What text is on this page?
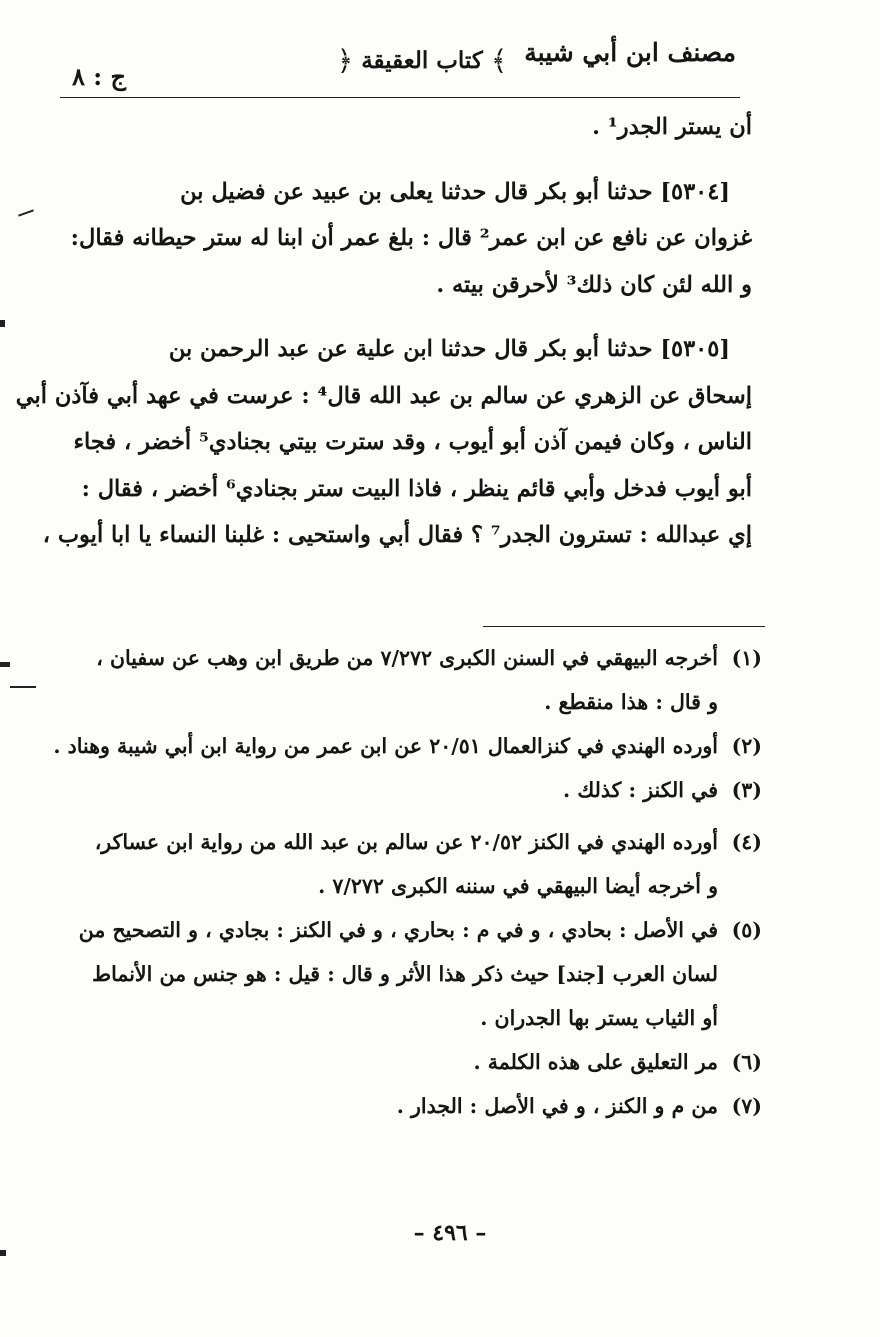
مصنف ابن أبي شيبة
﴾ كتاب العقيقة ﴿
ج : ٨
أن يستر الجدر¹ .
[٥٣٠٤] حدثنا أبو بكر قال حدثنا يعلى بن عبيد عن فضيل بن
غزوان عن نافع عن ابن عمر² قال : بلغ عمر أن ابنا له ستر حيطانه فقال:
و الله لئن كان ذلك³ لأحرقن بيته .
[٥٣٠٥] حدثنا أبو بكر قال حدثنا ابن علية عن عبد الرحمن بن
إسحاق عن الزهري عن سالم بن عبد الله قال⁴ : عرست في عهد أبي فآذن أبي
الناس ، وكان فيمن آذن أبو أيوب ، وقد سترت بيتي بجنادي⁵ أخضر ، فجاء
أبو أيوب فدخل وأبي قائم ينظر ، فاذا البيت ستر بجنادي⁶ أخضر ، فقال :
إي عبدالله : تسترون الجدر⁷ ؟ فقال أبي واستحيى : غلبنا النساء يا ابا أيوب ،
(١)أخرجه البيهقي في السنن الكبرى ٧/٢٧٢ من طريق ابن وهب عن سفيان ،
و قال : هذا منقطع .
(٢)أورده الهندي في كنزالعمال ٢٠/٥١ عن ابن عمر من رواية ابن أبي شيبة وهناد .
(٣)في الكنز : كذلك .
(٤)أورده الهندي في الكنز ٢٠/٥٢ عن سالم بن عبد الله من رواية ابن عساكر،
و أخرجه أيضا البيهقي في سننه الكبرى ٧/٢٧٢ .
(٥)في الأصل : بحادي ، و في م : بحاري ، و في الكنز : بجادي ، و التصحيح من
لسان العرب [جند] حيث ذكر هذا الأثر و قال : قيل : هو جنس من الأنماط
أو الثياب يستر بها الجدران .
(٦)مر التعليق على هذه الكلمة .
(٧)من م و الكنز ، و في الأصل : الجدار .
– ٤٩٦ –
